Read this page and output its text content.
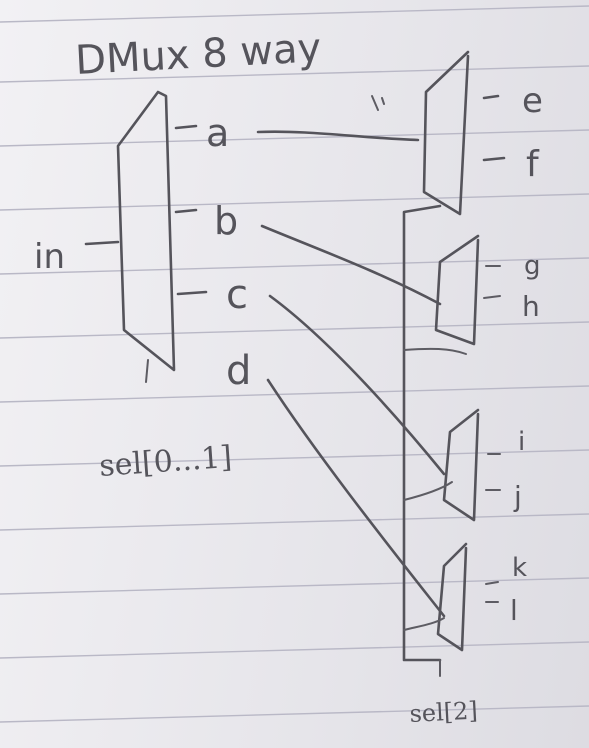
DMux 8 way
in
a
b
c
d
sel[0...1]
e
f
g
h
i
j
k
l
sel[2]
